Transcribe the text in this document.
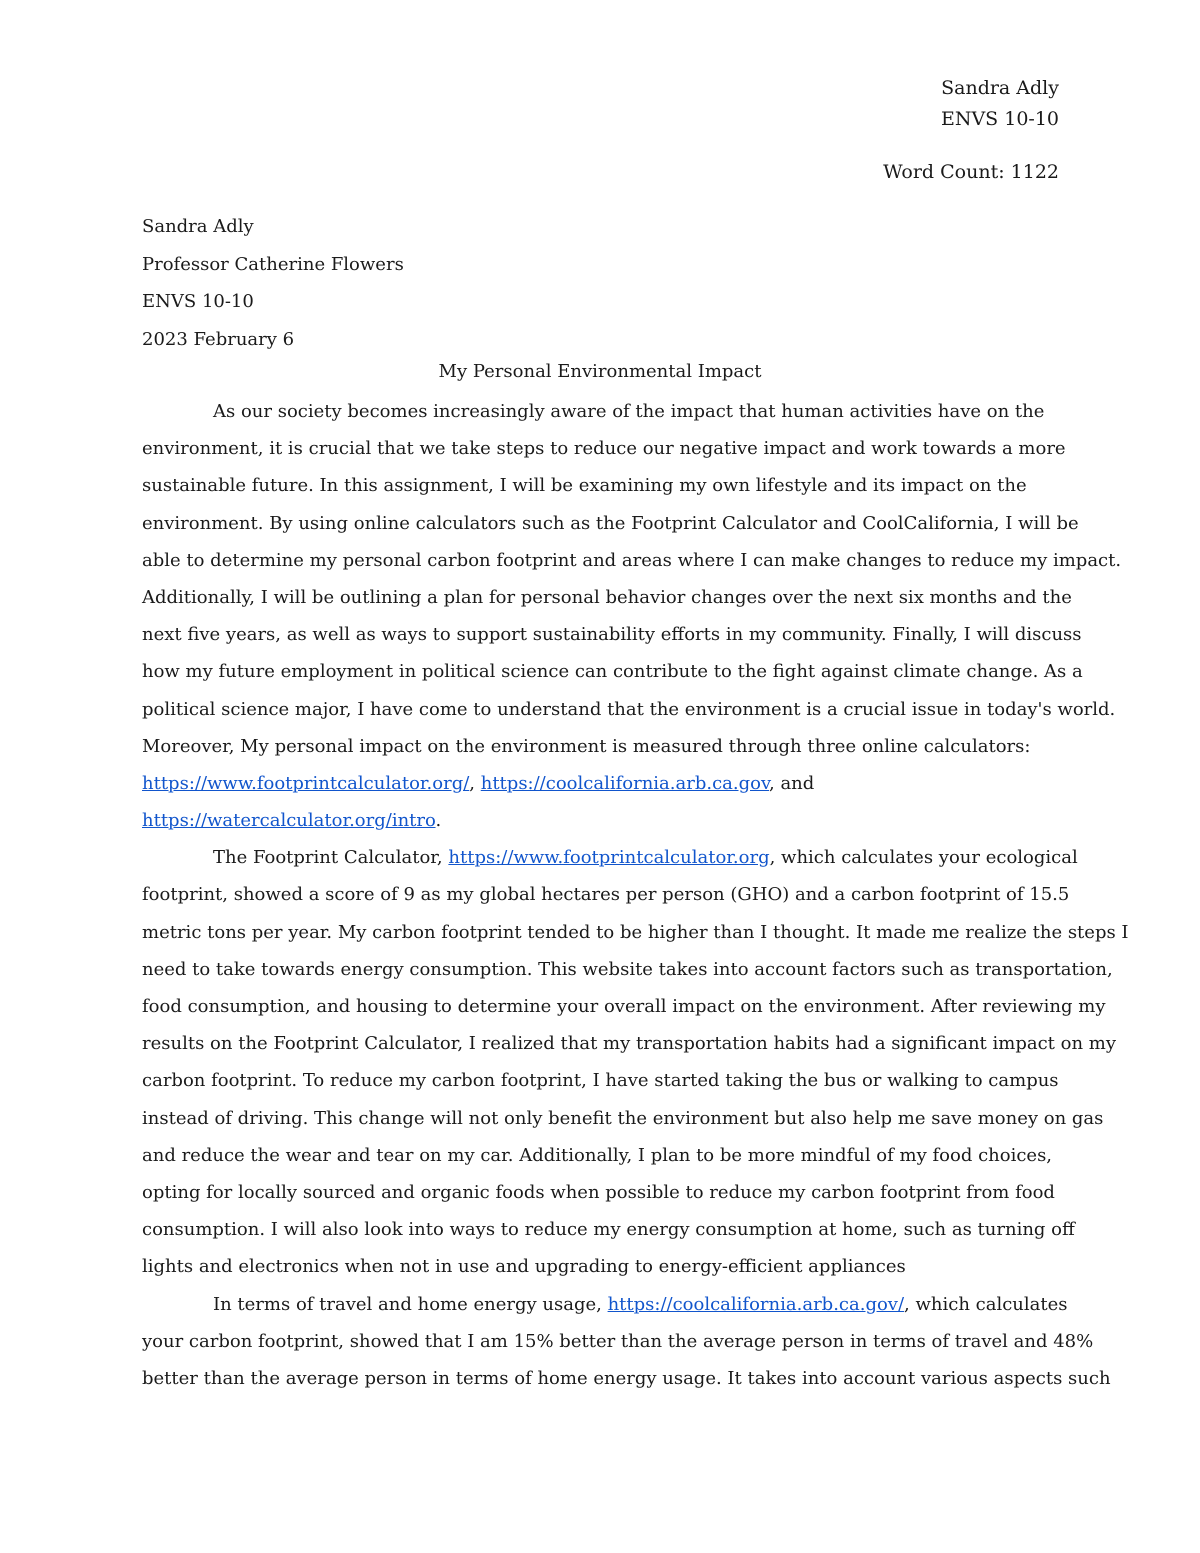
Sandra Adly
ENVS 10-10
Word Count: 1122
Sandra Adly
Professor Catherine Flowers
ENVS 10-10
2023 February 6
My Personal Environmental Impact
As our society becomes increasingly aware of the impact that human activities have on the
environment, it is crucial that we take steps to reduce our negative impact and work towards a more
sustainable future. In this assignment, I will be examining my own lifestyle and its impact on the
environment. By using online calculators such as the Footprint Calculator and CoolCalifornia, I will be
able to determine my personal carbon footprint and areas where I can make changes to reduce my impact.
Additionally, I will be outlining a plan for personal behavior changes over the next six months and the
next five years, as well as ways to support sustainability efforts in my community. Finally, I will discuss
how my future employment in political science can contribute to the fight against climate change. As a
political science major, I have come to understand that the environment is a crucial issue in today's world.
Moreover, My personal impact on the environment is measured through three online calculators:
https://www.footprintcalculator.org/, https://coolcalifornia.arb.ca.gov, and
https://watercalculator.org/intro.
The Footprint Calculator, https://www.footprintcalculator.org, which calculates your ecological
footprint, showed a score of 9 as my global hectares per person (GHO) and a carbon footprint of 15.5
metric tons per year. My carbon footprint tended to be higher than I thought. It made me realize the steps I
need to take towards energy consumption. This website takes into account factors such as transportation,
food consumption, and housing to determine your overall impact on the environment. After reviewing my
results on the Footprint Calculator, I realized that my transportation habits had a significant impact on my
carbon footprint. To reduce my carbon footprint, I have started taking the bus or walking to campus
instead of driving. This change will not only benefit the environment but also help me save money on gas
and reduce the wear and tear on my car. Additionally, I plan to be more mindful of my food choices,
opting for locally sourced and organic foods when possible to reduce my carbon footprint from food
consumption. I will also look into ways to reduce my energy consumption at home, such as turning off
lights and electronics when not in use and upgrading to energy-efficient appliances
In terms of travel and home energy usage, https://coolcalifornia.arb.ca.gov/, which calculates
your carbon footprint, showed that I am 15% better than the average person in terms of travel and 48%
better than the average person in terms of home energy usage. It takes into account various aspects such
